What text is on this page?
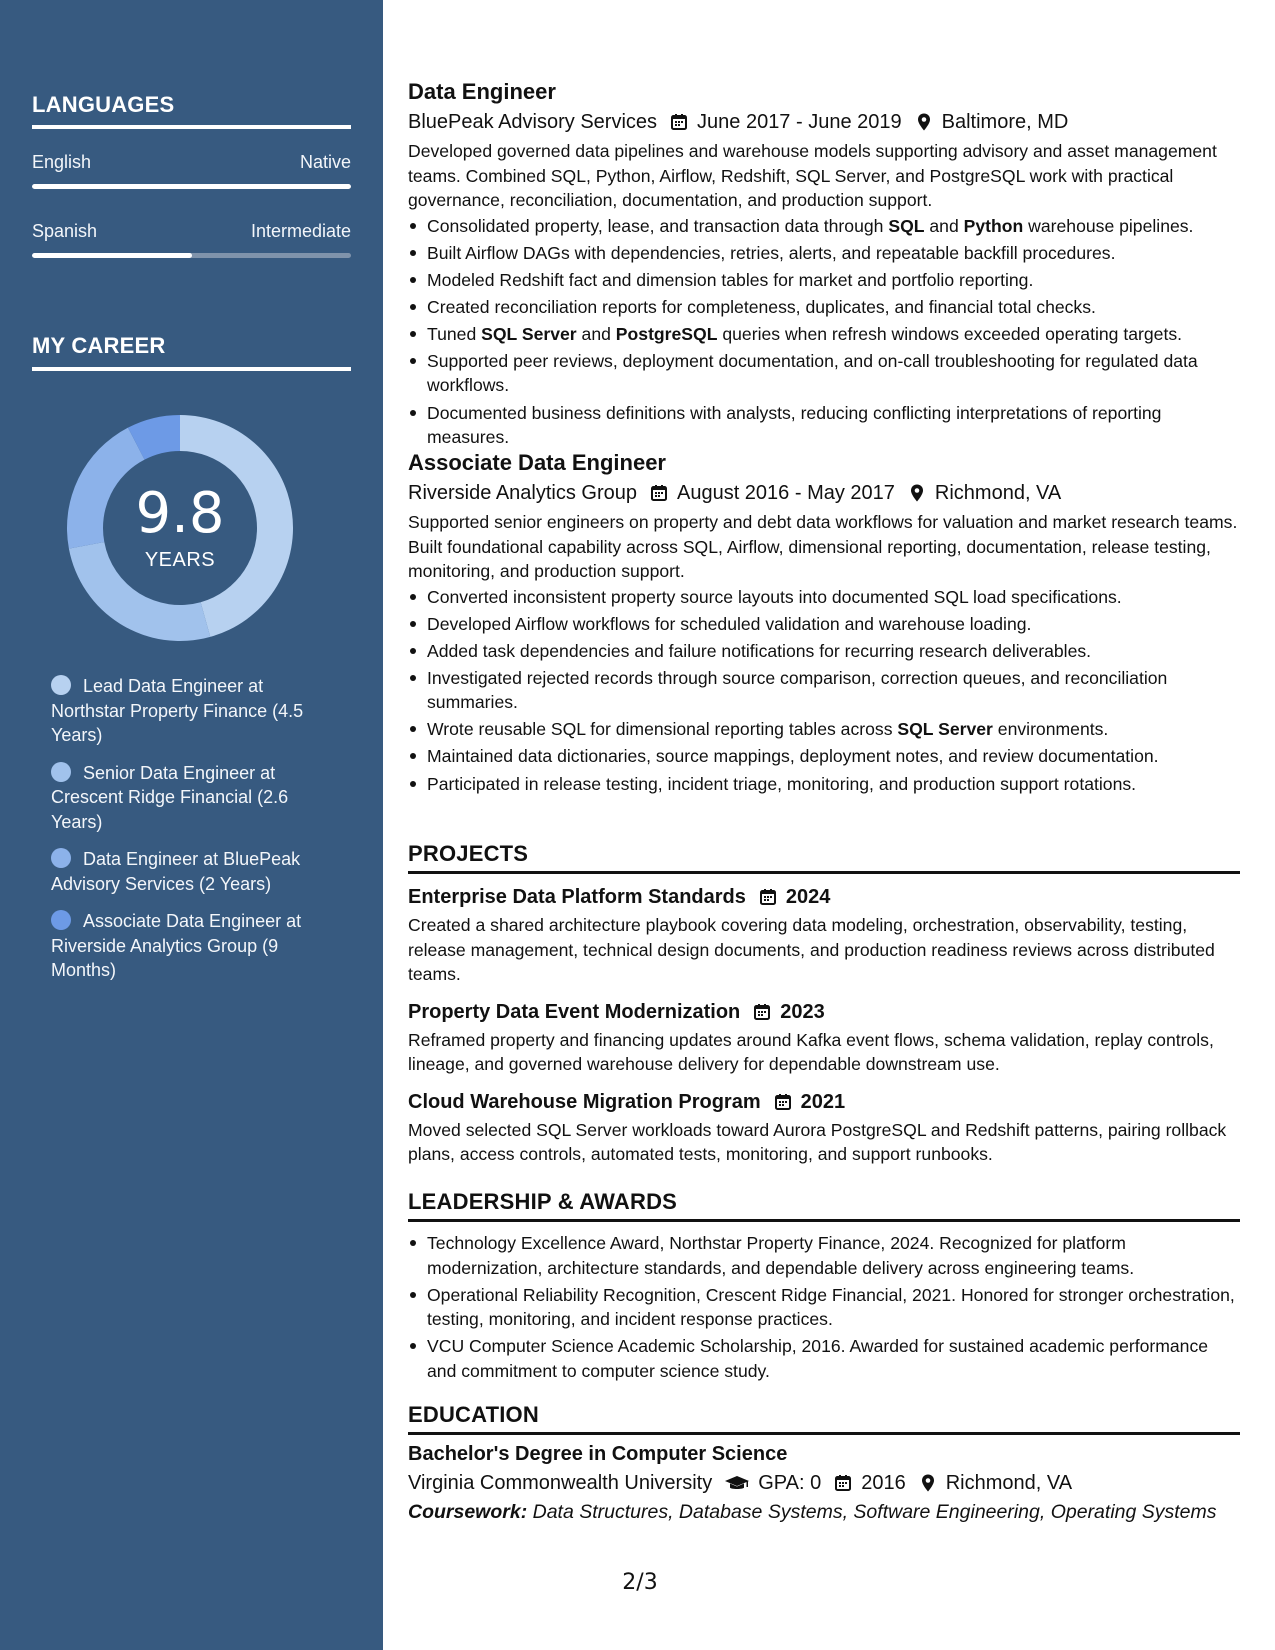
LANGUAGES
English	Native
Spanish	Intermediate
MY CAREER
9.8
YEARS
Lead Data Engineer at Northstar Property Finance (4.5 Years)
Senior Data Engineer at Crescent Ridge Financial (2.6 Years)
Data Engineer at BluePeak Advisory Services (2 Years)
Associate Data Engineer at Riverside Analytics Group (9 Months)
Data Engineer
BluePeak Advisory Services June 2017 - June 2019 Baltimore, MD

Developed governed data pipelines and warehouse models supporting advisory and asset management teams. Combined SQL, Python, Airflow, Redshift, SQL Server, and PostgreSQL work with practical governance, reconciliation, documentation, and production support.

Consolidated property, lease, and transaction data through SQL and Python warehouse pipelines.
Built Airflow DAGs with dependencies, retries, alerts, and repeatable backfill procedures.
Modeled Redshift fact and dimension tables for market and portfolio reporting.
Created reconciliation reports for completeness, duplicates, and financial total checks.
Tuned SQL Server and PostgreSQL queries when refresh windows exceeded operating targets.
Supported peer reviews, deployment documentation, and on-call troubleshooting for regulated data workflows.
Documented business definitions with analysts, reducing conflicting interpretations of reporting measures.
Associate Data Engineer
Riverside Analytics Group August 2016 - May 2017 Richmond, VA

Supported senior engineers on property and debt data workflows for valuation and market research teams. Built foundational capability across SQL, Airflow, dimensional reporting, documentation, release testing, monitoring, and production support.

Converted inconsistent property source layouts into documented SQL load specifications.
Developed Airflow workflows for scheduled validation and warehouse loading.
Added task dependencies and failure notifications for recurring research deliverables.
Investigated rejected records through source comparison, correction queues, and reconciliation summaries.
Wrote reusable SQL for dimensional reporting tables across SQL Server environments.
Maintained data dictionaries, source mappings, deployment notes, and review documentation.
Participated in release testing, incident triage, monitoring, and production support rotations.
PROJECTS
Enterprise Data Platform Standards 2024

Created a shared architecture playbook covering data modeling, orchestration, observability, testing, release management, technical design documents, and production readiness reviews across distributed teams.

Property Data Event Modernization 2023

Reframed property and financing updates around Kafka event flows, schema validation, replay controls, lineage, and governed warehouse delivery for dependable downstream use.

Cloud Warehouse Migration Program 2021

Moved selected SQL Server workloads toward Aurora PostgreSQL and Redshift patterns, pairing rollback plans, access controls, automated tests, monitoring, and support runbooks.

LEADERSHIP & AWARDS
Technology Excellence Award, Northstar Property Finance, 2024. Recognized for platform modernization, architecture standards, and dependable delivery across engineering teams.
Operational Reliability Recognition, Crescent Ridge Financial, 2021. Honored for stronger orchestration, testing, monitoring, and incident response practices.
VCU Computer Science Academic Scholarship, 2016. Awarded for sustained academic performance and commitment to computer science study.
EDUCATION
Bachelor's Degree in Computer Science
Virginia Commonwealth University GPA: 0 2016 Richmond, VA
Coursework: Data Structures, Database Systems, Software Engineering, Operating Systems
2/3
